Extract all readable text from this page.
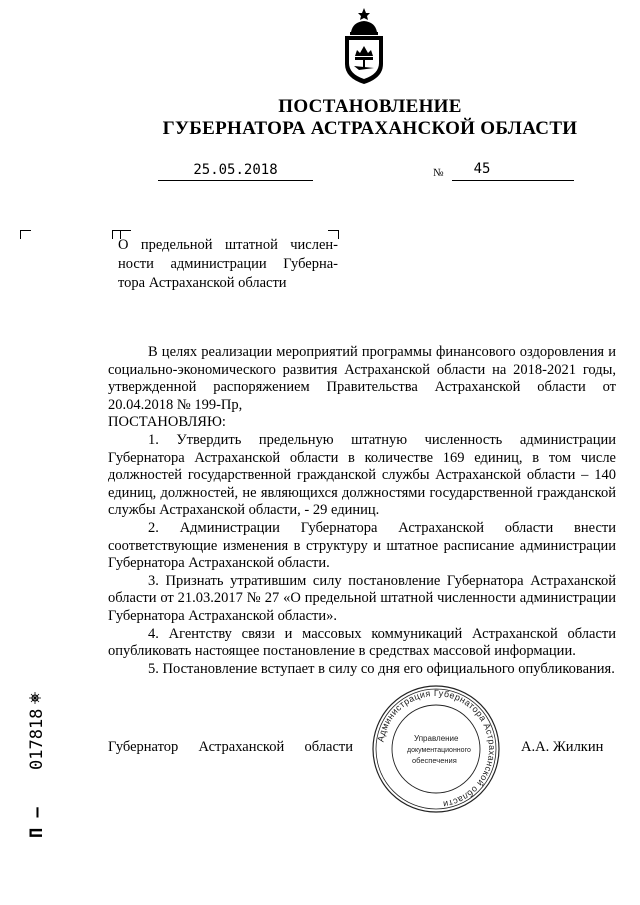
ПОСТАНОВЛЕНИЕ
ГУБЕРНАТОРА АСТРАХАНСКОЙ ОБЛАСТИ
25.05.2018	№	45
О предельной штатной числен-
ности администрации Губерна-
тора Астраханской области

В целях реализации мероприятий программы финансового оздоровления и социально-экономического развития Астраханской области на 2018-2021 годы, утвержденной распоряжением Правительства Астраханской области от 20.04.2018 № 199-Пр,

ПОСТАНОВЛЯЮ:

1. Утвердить предельную штатную численность администрации Губернатора Астраханской области в количестве 169 единиц, в том числе должностей государственной гражданской службы Астраханской области – 140 единиц, должностей, не являющихся должностями государственной гражданской службы Астраханской области, - 29 единиц.

2. Администрации Губернатора Астраханской области внести соответствующие изменения в структуру и штатное расписание администрации Губернатора Астраханской области.

3. Признать утратившим силу постановление Губернатора Астраханской области от 21.03.2017 № 27 «О предельной штатной численности администрации Губернатора Астраханской области».

4. Агентству связи и массовых коммуникаций Астраханской области опубликовать настоящее постановление в средствах массовой информации.

5. Постановление вступает в силу со дня его официального опубликования.

Администрация Губернатора Астраханской области
Управление
документационного
обеспечения
Губернатор Астраханской области	А.А. Жилкин
П –
017818
